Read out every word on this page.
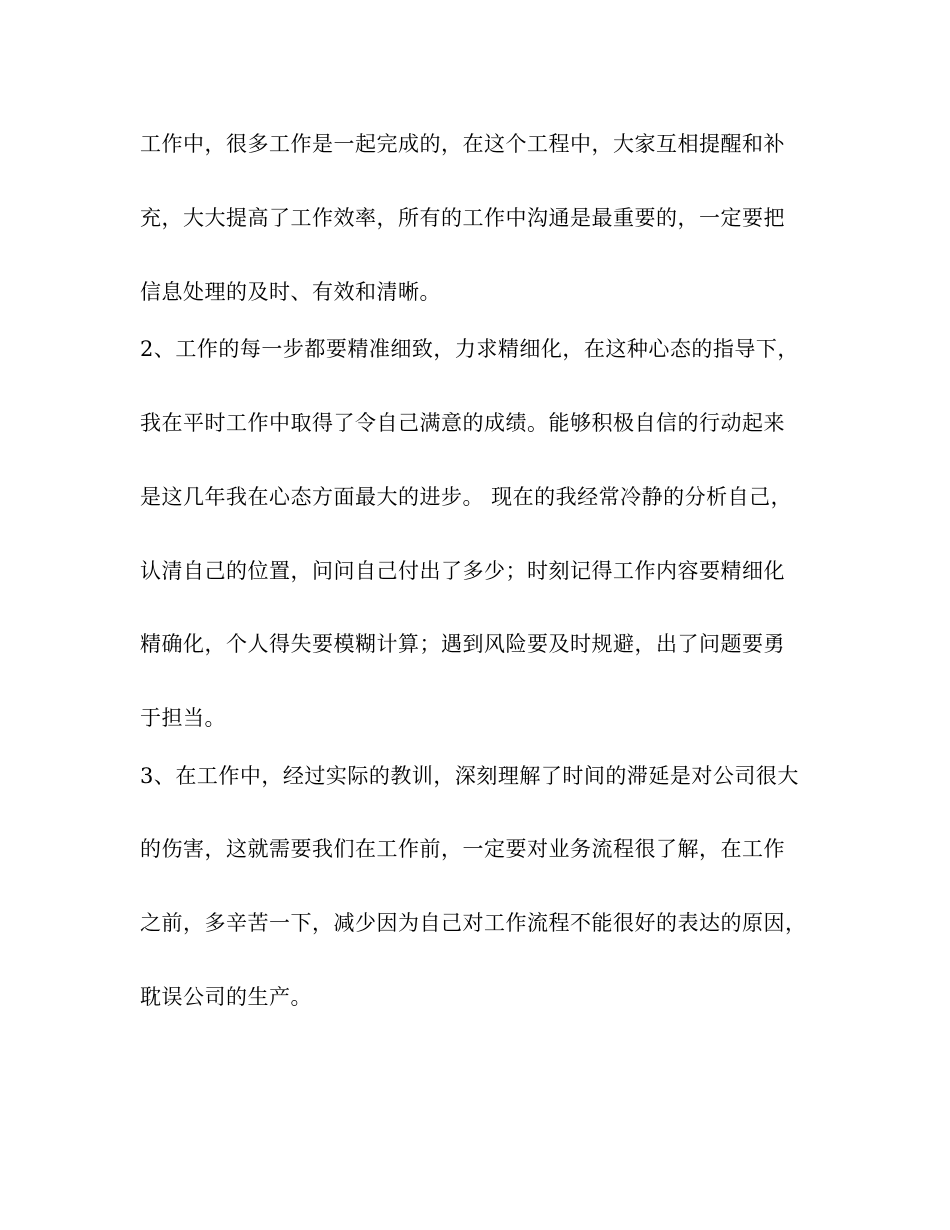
工作中，很多工作是一起完成的，在这个工程中，大家互相提醒和补
充，大大提高了工作效率，所有的工作中沟通是最重要的，一定要把
信息处理的及时、有效和清晰。
2、工作的每一步都要精准细致，力求精细化，在这种心态的指导下，
我在平时工作中取得了令自己满意的成绩。能够积极自信的行动起来
是这几年我在心态方面最大的进步。 现在的我经常冷静的分析自己，
认清自己的位置，问问自己付出了多少；时刻记得工作内容要精细化
精确化，个人得失要模糊计算；遇到风险要及时规避，出了问题要勇
于担当。
3、在工作中，经过实际的教训，深刻理解了时间的滞延是对公司很大
的伤害，这就需要我们在工作前，一定要对业务流程很了解，在工作
之前，多辛苦一下，减少因为自己对工作流程不能很好的表达的原因，
耽误公司的生产。
